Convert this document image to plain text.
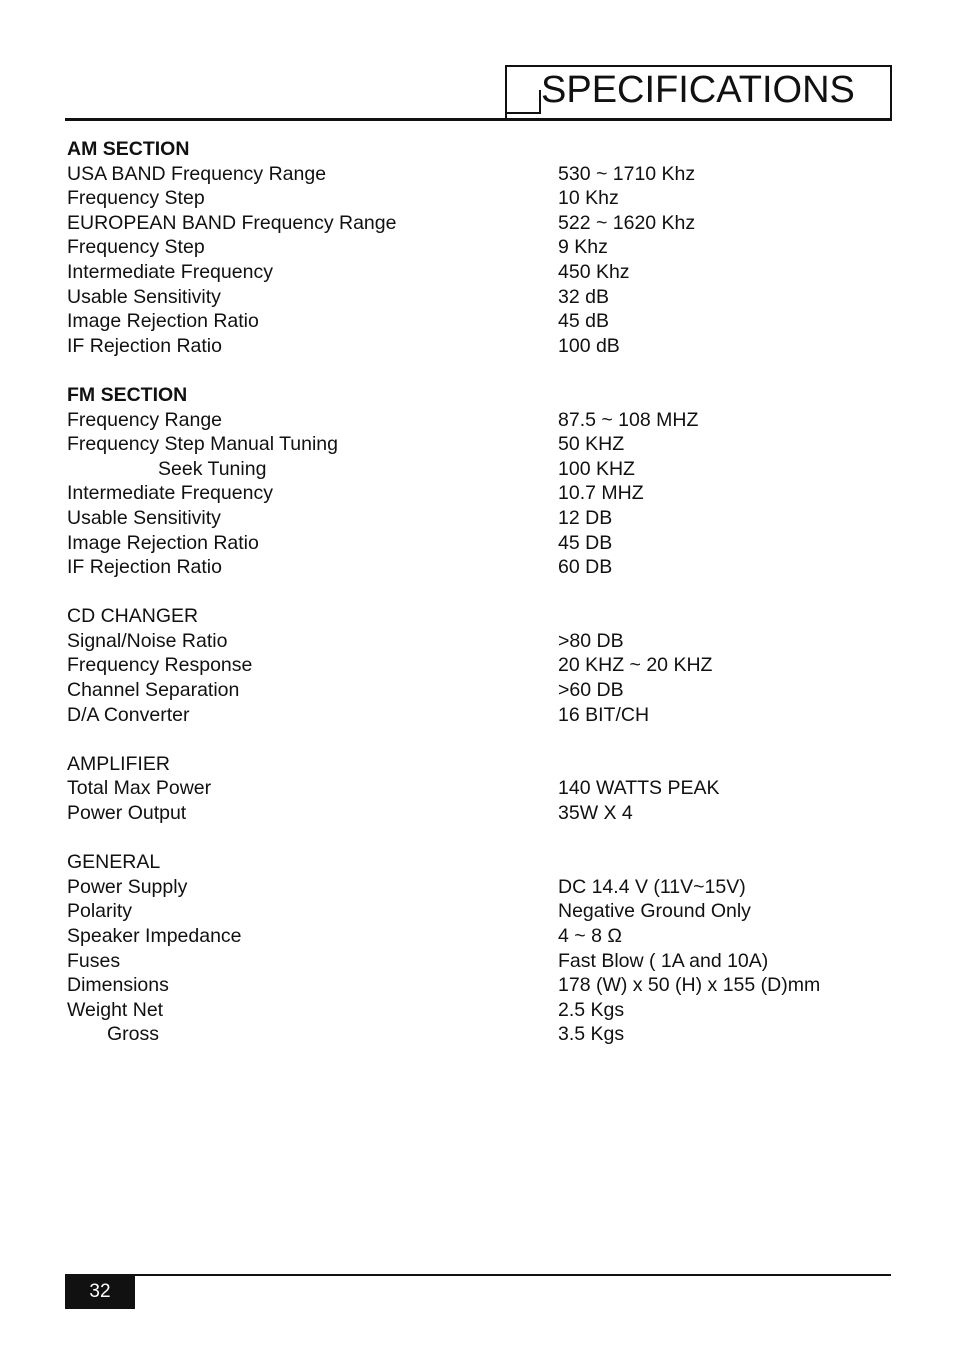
SPECIFICATIONS
AM SECTION
USA BAND Frequency Range	530 ~ 1710 Khz
Frequency Step	10 Khz
EUROPEAN BAND Frequency Range	522 ~ 1620 Khz
Frequency Step	9 Khz
Intermediate Frequency	450 Khz
Usable Sensitivity	32 dB
Image Rejection Ratio	45 dB
IF Rejection Ratio	100 dB
FM SECTION
Frequency Range	87.5 ~ 108 MHZ
Frequency Step Manual Tuning	50 KHZ
Seek Tuning	100 KHZ
Intermediate Frequency	10.7 MHZ
Usable Sensitivity	12 DB
Image Rejection Ratio	45 DB
IF Rejection Ratio	60 DB
CD CHANGER
Signal/Noise Ratio	>80 DB
Frequency Response	20 KHZ ~ 20 KHZ
Channel Separation	>60 DB
D/A Converter	16 BIT/CH
AMPLIFIER
Total Max Power	140 WATTS PEAK
Power Output	35W X 4
GENERAL
Power Supply	DC 14.4 V (11V~15V)
Polarity	Negative Ground Only
Speaker Impedance	4 ~ 8 Ω
Fuses	Fast Blow ( 1A and 10A)
Dimensions	178 (W) x 50 (H) x 155 (D)mm
Weight Net	2.5 Kgs
Gross	3.5 Kgs
32
